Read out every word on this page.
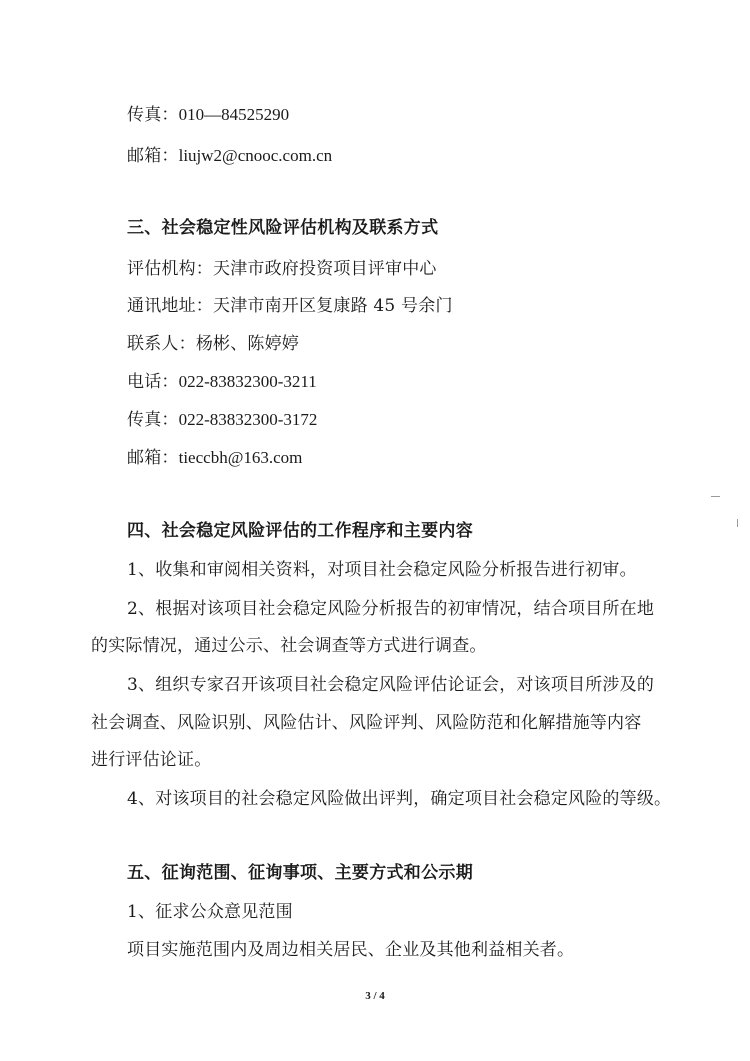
传真：010—84525290
邮箱：liujw2@cnooc.com.cn
三、社会稳定性风险评估机构及联系方式
评估机构：天津市政府投资项目评审中心
通讯地址：天津市南开区复康路 45 号余门
联系人：杨彬、陈婷婷
电话：022-83832300-3211
传真：022-83832300-3172
邮箱：tieccbh@163.com
四、社会稳定风险评估的工作程序和主要内容
1、收集和审阅相关资料，对项目社会稳定风险分析报告进行初审。
2、根据对该项目社会稳定风险分析报告的初审情况，结合项目所在地
的实际情况，通过公示、社会调查等方式进行调查。
3、组织专家召开该项目社会稳定风险评估论证会，对该项目所涉及的
社会调查、风险识别、风险估计、风险评判、风险防范和化解措施等内容
进行评估论证。
4、对该项目的社会稳定风险做出评判，确定项目社会稳定风险的等级。
五、征询范围、征询事项、主要方式和公示期
1、征求公众意见范围
项目实施范围内及周边相关居民、企业及其他利益相关者。
3 / 4
